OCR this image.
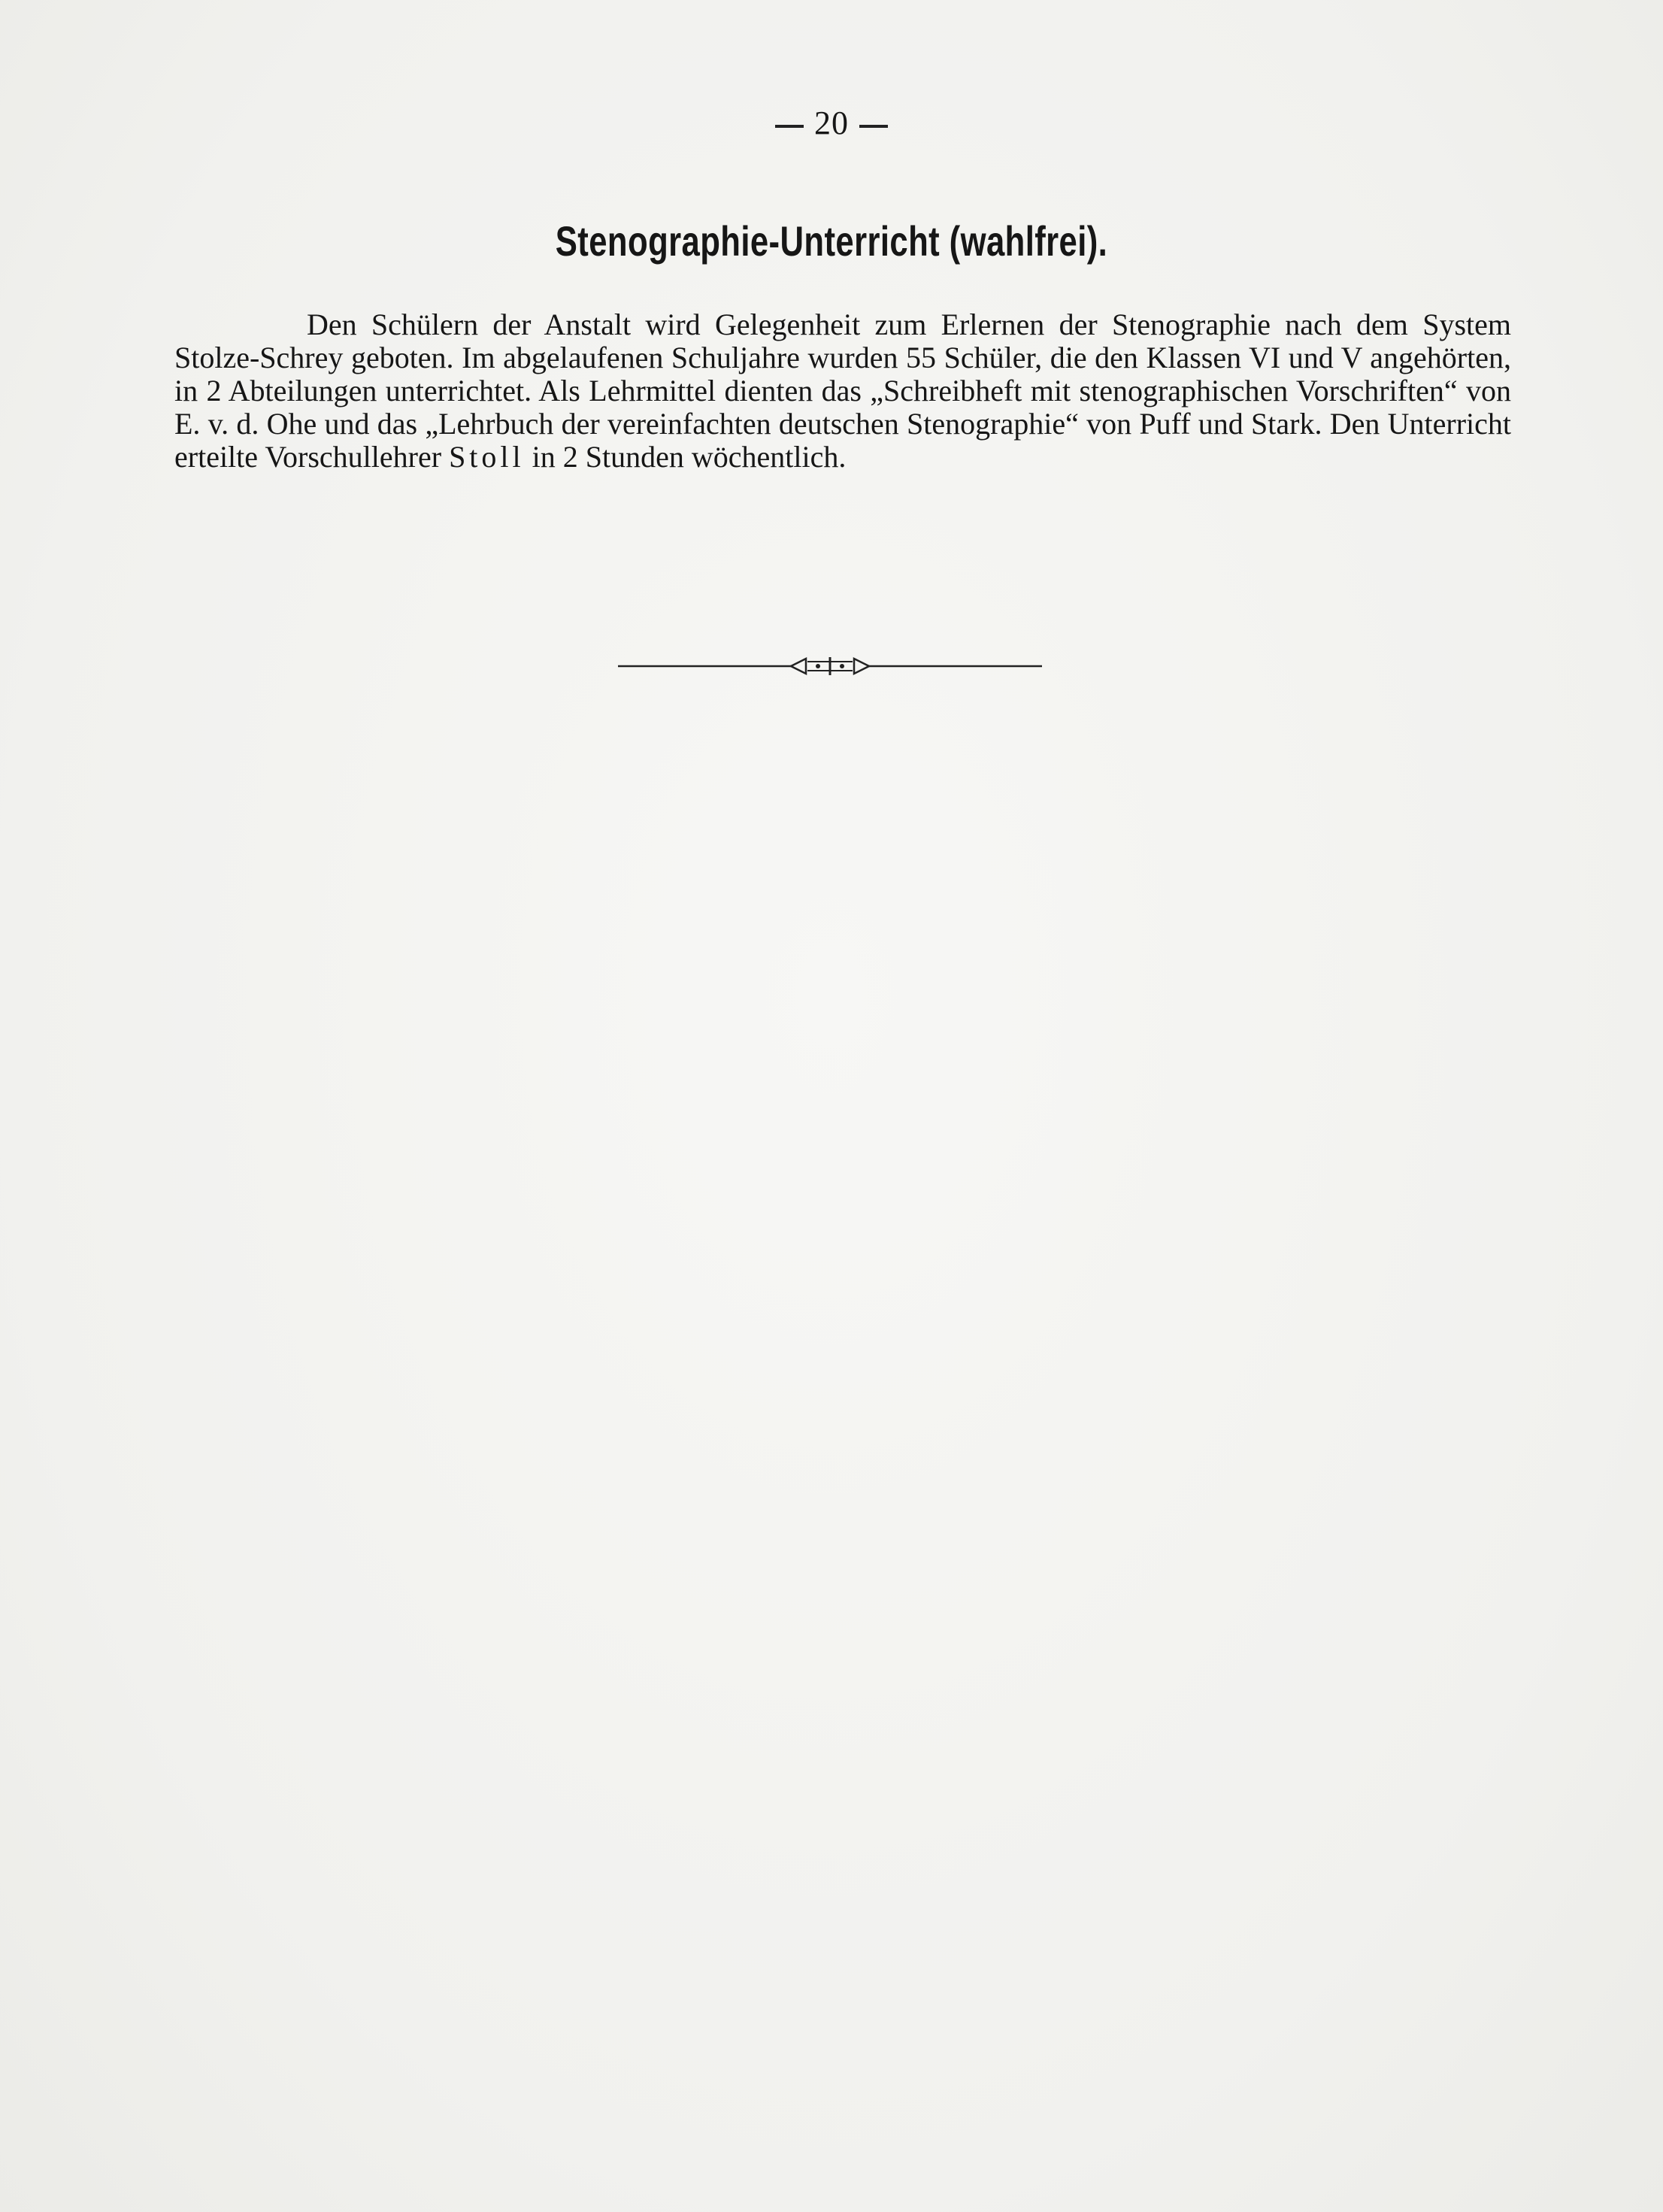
20
Stenographie-Unterricht (wahlfrei).
Den Schülern der Anstalt wird Gelegenheit zum Erlernen der Stenographie nach dem System Stolze-Schrey geboten. Im abgelaufenen Schuljahre wurden 55 Schüler, die den Klassen VI und V angehörten, in 2 Abteilungen unterrichtet. Als Lehrmittel dienten das „Schreibheft mit stenographischen Vorschriften“ von E. v. d. Ohe und das „Lehrbuch der vereinfachten deutschen Stenographie“ von Puff und Stark. Den Unterricht erteilte Vorschullehrer Stoll in 2 Stunden wöchentlich.
